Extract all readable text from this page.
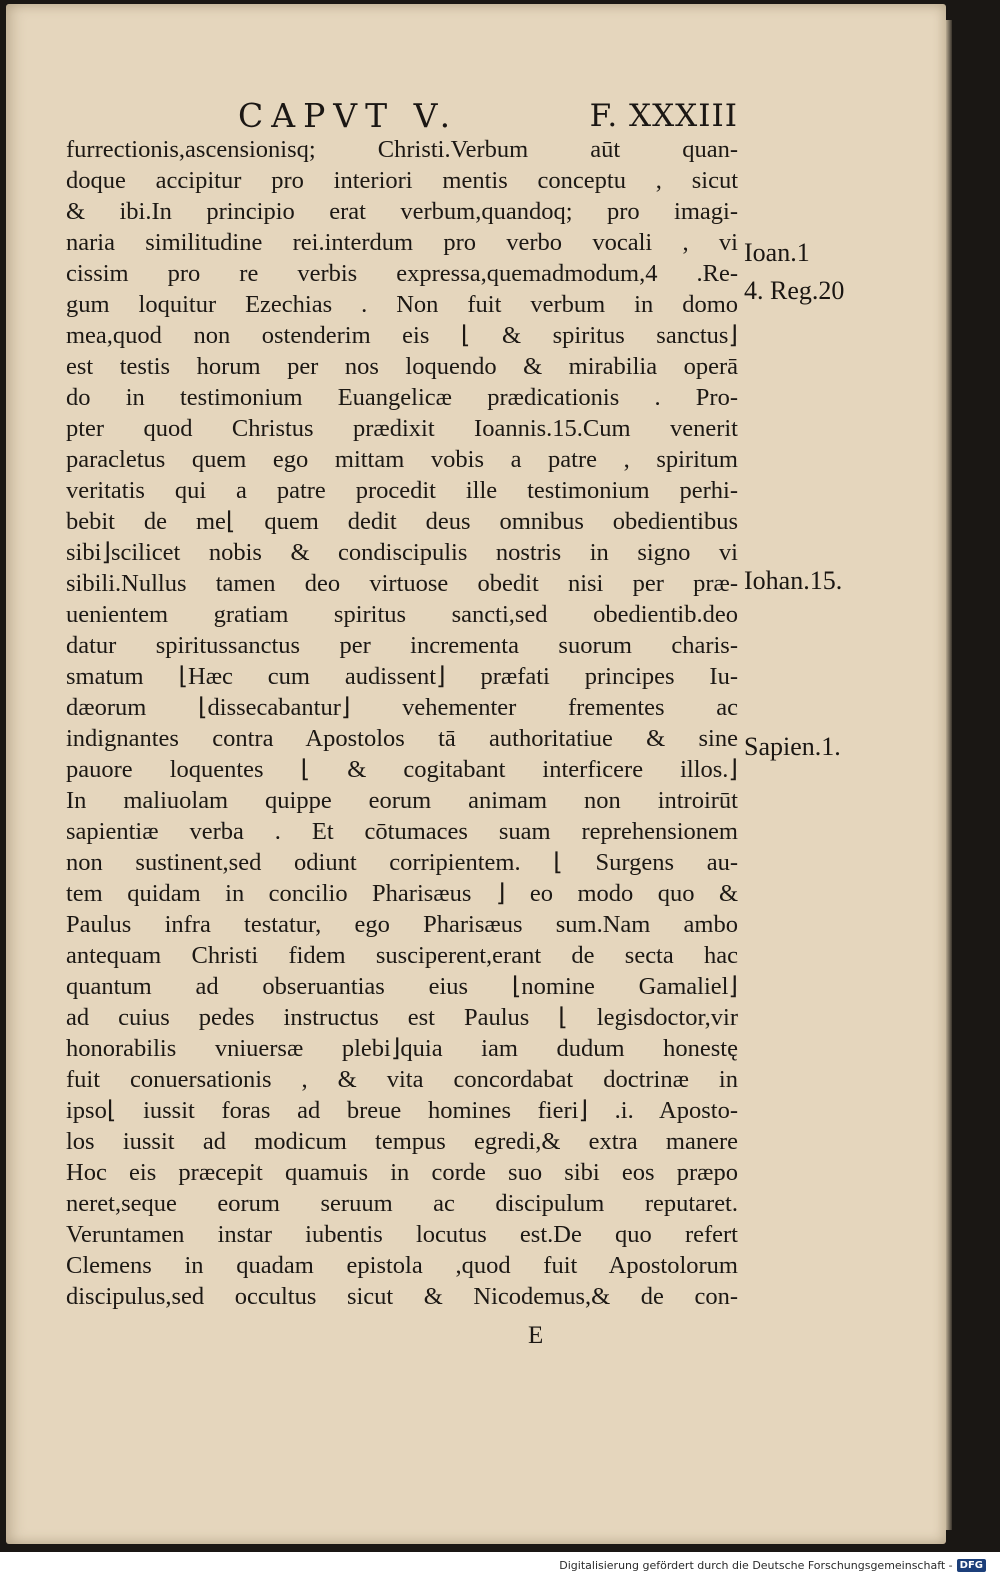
CAPVT V.	F. XXXIII
furrectionis,ascensionisq; Christi.Verbum aūt quan-
doque accipitur pro interiori mentis conceptu , sicut
& ibi.In principio erat verbum,quandoq; pro imagi-
naria similitudine rei.interdum pro verbo vocali , vi
cissim pro re verbis expressa,quemadmodum,4 .Re-
gum loquitur Ezechias . Non fuit verbum in domo
mea,quod non ostenderim eis ⌊ & spiritus sanctus⌋
est testis horum per nos loquendo & mirabilia operā
do in testimonium Euangelicæ prædicationis . Pro-
pter quod Christus prædixit Ioannis.15.Cum venerit
paracletus quem ego mittam vobis a patre , spiritum
veritatis qui a patre procedit ille testimonium perhi-
bebit de me⌊ quem dedit deus omnibus obedientibus
sibi⌋scilicet nobis & condiscipulis nostris in signo vi
sibili.Nullus tamen deo virtuose obedit nisi per præ-
uenientem gratiam spiritus sancti,sed obedientib.deo
datur spiritussanctus per incrementa suorum charis-
smatum ⌊Hæc cum audissent⌋ præfati principes Iu-
dæorum ⌊dissecabantur⌋ vehementer frementes ac
indignantes contra Apostolos tā authoritatiue & sine
pauore loquentes ⌊ & cogitabant interficere illos.⌋
In maliuolam quippe eorum animam non introirūt
sapientiæ verba . Et cōtumaces suam reprehensionem
non sustinent,sed odiunt corripientem. ⌊ Surgens au-
tem quidam in concilio Pharisæus ⌋ eo modo quo &
Paulus infra testatur, ego Pharisæus sum.Nam ambo
antequam Christi fidem susciperent,erant de secta hac
quantum ad obseruantias eius ⌊nomine Gamaliel⌋
ad cuius pedes instructus est Paulus ⌊ legisdoctor,vir
honorabilis vniuersæ plebi⌋quia iam dudum honestę
fuit conuersationis , & vita concordabat doctrinæ in
ipso⌊ iussit foras ad breue homines fieri⌋ .i. Aposto-
los iussit ad modicum tempus egredi,& extra manere
Hoc eis præcepit quamuis in corde suo sibi eos præpo
neret,seque eorum seruum ac discipulum reputaret.
Veruntamen instar iubentis locutus est.De quo refert
Clemens in quadam epistola ,quod fuit Apostolorum
discipulus,sed occultus sicut & Nicodemus,& de con-
Ioan.1
4. Reg.20
Iohan.15.
Sapien.1.
E
Digitalisierung gefördert durch die Deutsche Forschungsgemeinschaft - DFG
